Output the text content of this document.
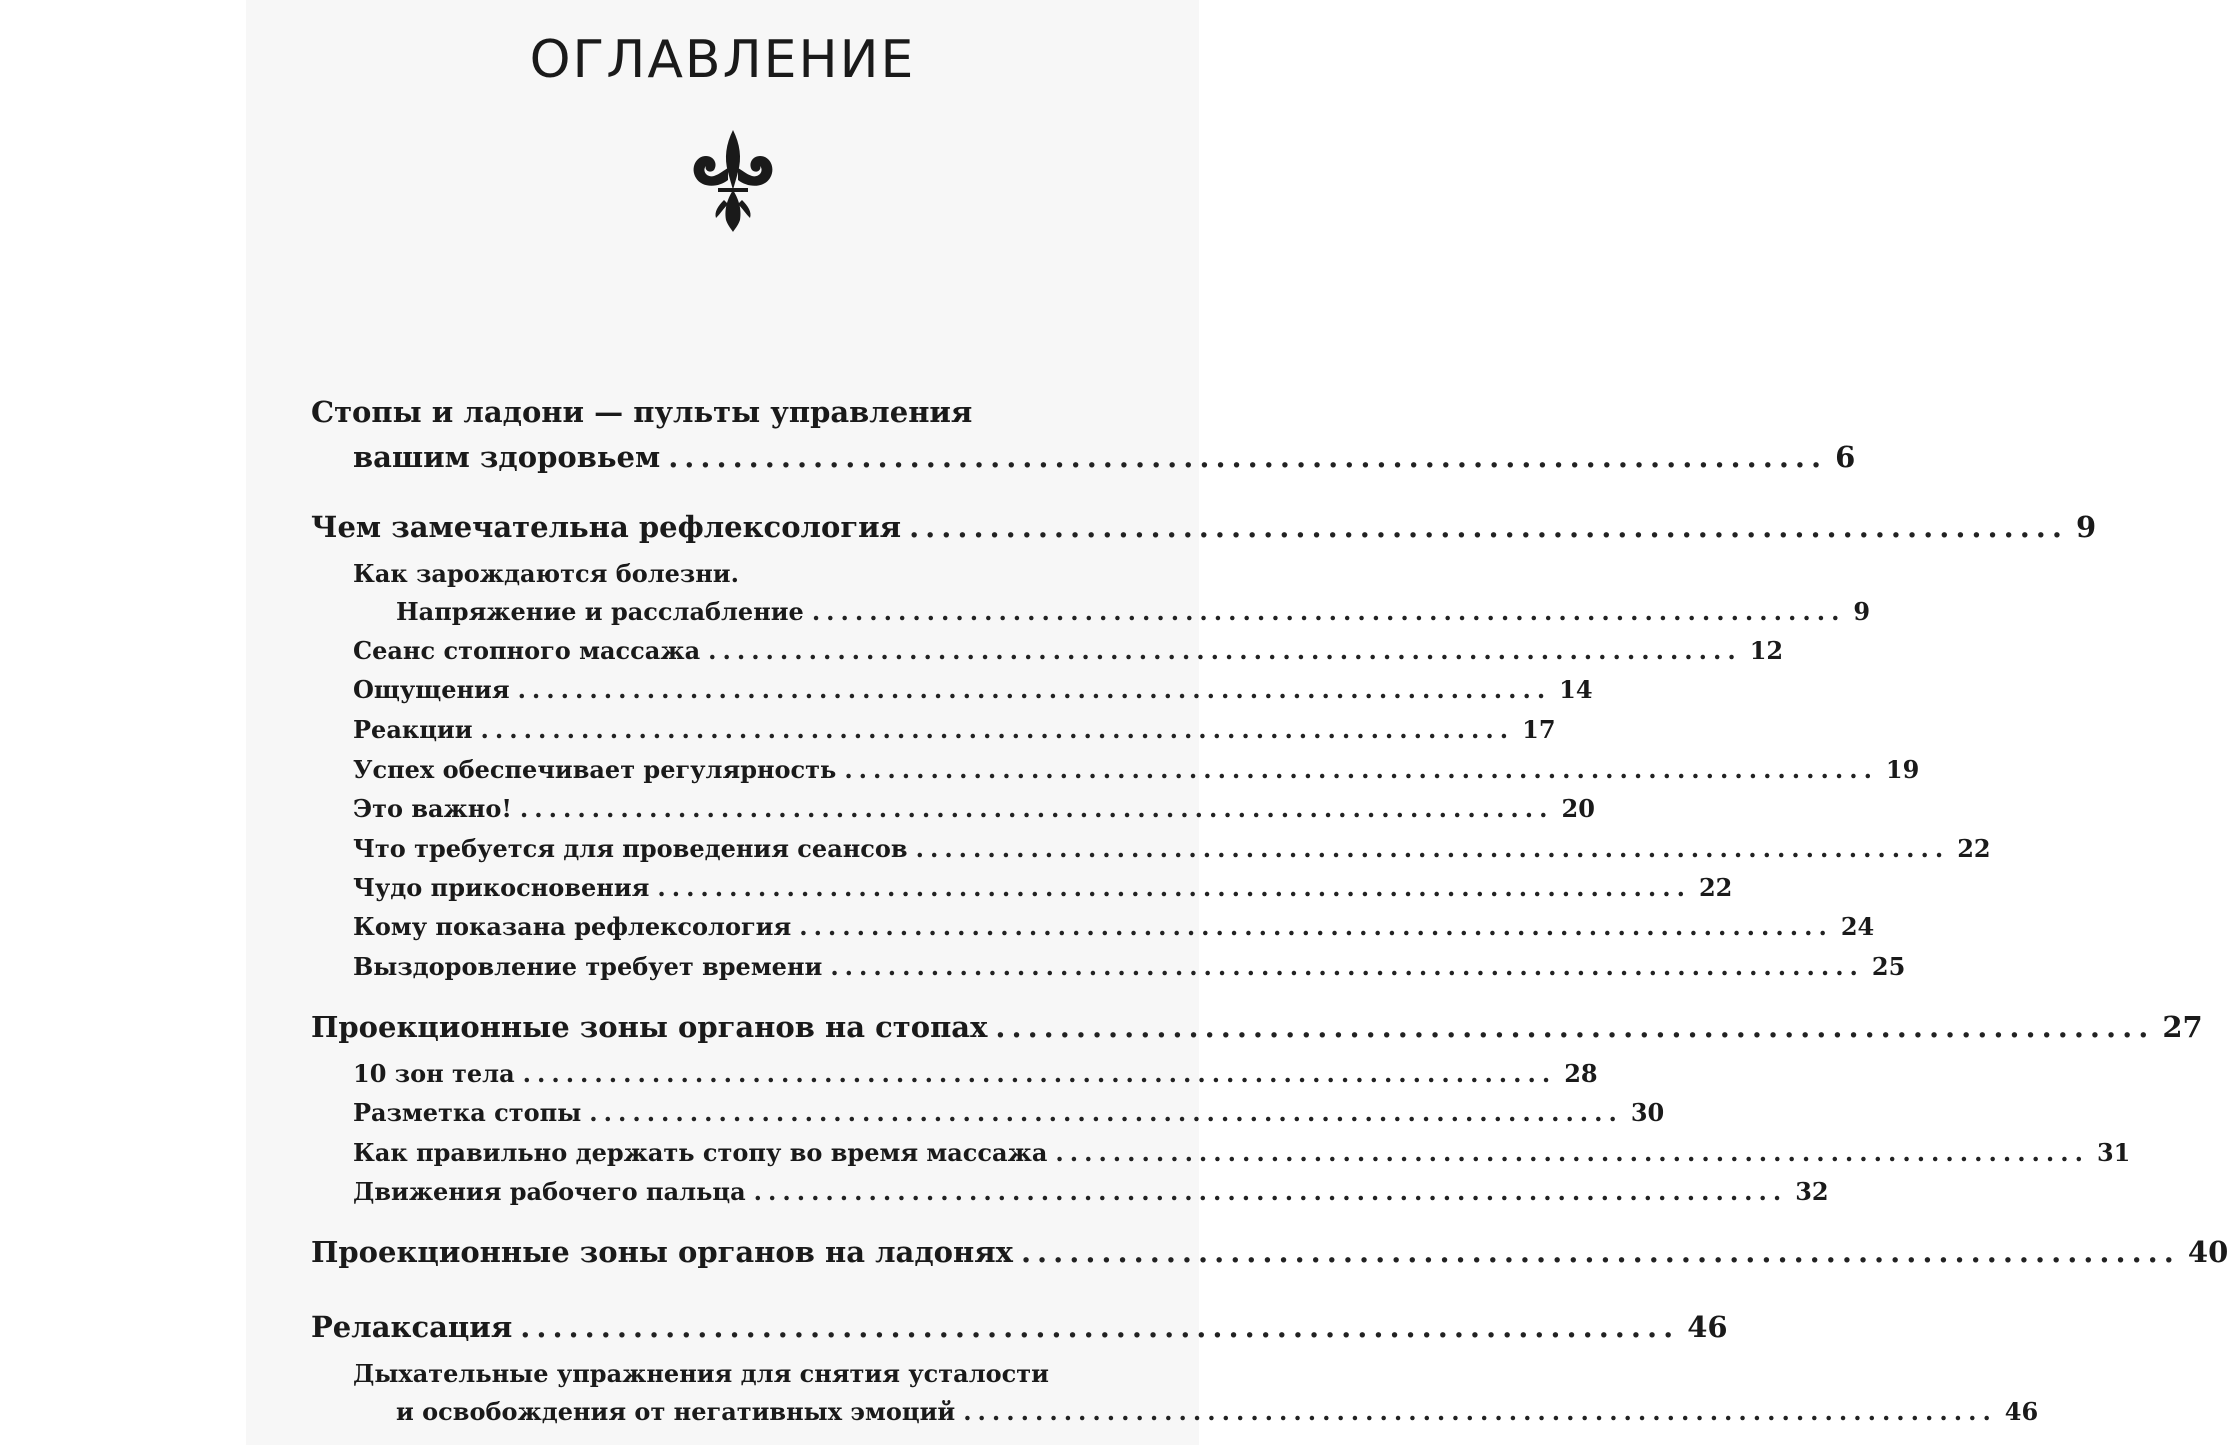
ОГЛАВЛЕНИЕ
Стопы и ладони — пульты управления
вашим здоровьем ........................................................................ 6
Чем замечательна рефлексология ........................................................................ 9
Как зарождаются болезни.
Напряжение и расслабление ........................................................................ 9
Сеанс стопного массажа ........................................................................ 12
Ощущения ........................................................................ 14
Реакции ........................................................................ 17
Успех обеспечивает регулярность ........................................................................ 19
Это важно! ........................................................................ 20
Что требуется для проведения сеансов ........................................................................ 22
Чудо прикосновения ........................................................................ 22
Кому показана рефлексология ........................................................................ 24
Выздоровление требует времени ........................................................................ 25
Проекционные зоны органов на стопах ........................................................................ 27
10 зон тела ........................................................................ 28
Разметка стопы ........................................................................ 30
Как правильно держать стопу во время массажа ........................................................................ 31
Движения рабочего пальца ........................................................................ 32
Проекционные зоны органов на ладонях ........................................................................ 40
Релаксация ........................................................................ 46
Дыхательные упражнения для снятия усталости
и освобождения от негативных эмоций ........................................................................ 46
